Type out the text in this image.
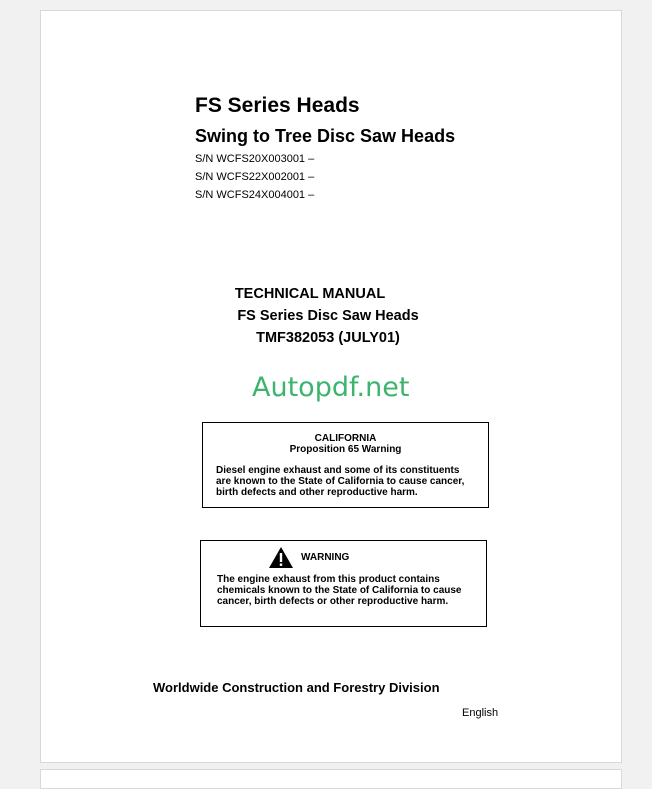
FS Series Heads
Swing to Tree Disc Saw Heads
S/N WCFS20X003001 –
S/N WCFS22X002001 –
S/N WCFS24X004001 –
TECHNICAL MANUAL
FS Series Disc Saw Heads
TMF382053 (JULY01)
Autopdf.net
CALIFORNIA
Proposition 65 Warning
Diesel engine exhaust and some of its constituents
are known to the State of California to cause cancer,
birth defects and other reproductive harm.
WARNING
The engine exhaust from this product contains
chemicals known to the State of California to cause
cancer, birth defects or other reproductive harm.
Worldwide Construction and Forestry Division
English
